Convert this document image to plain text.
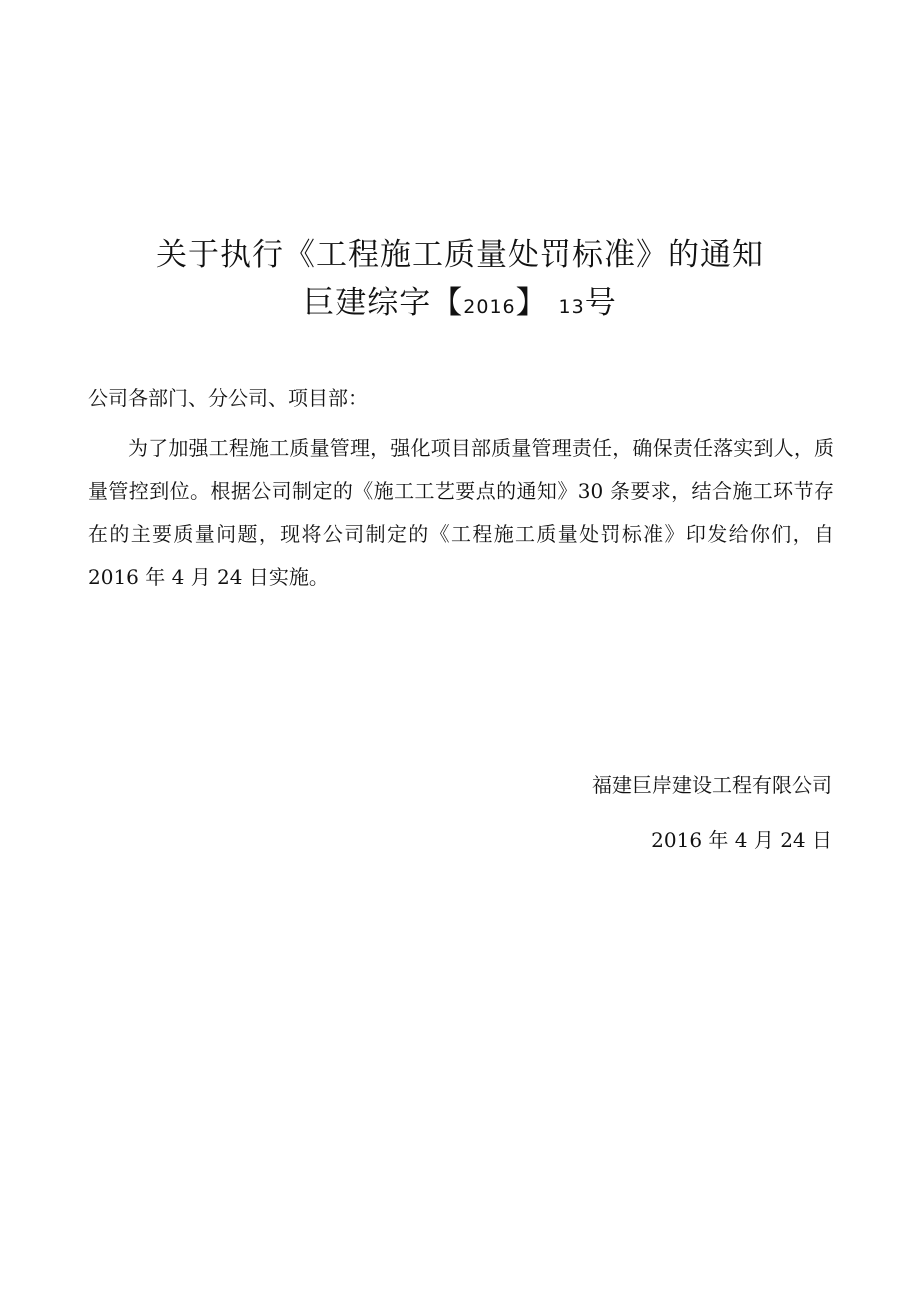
关于执行《工程施工质量处罚标准》的通知
巨建综字【2016】 13号
公司各部门、分公司、项目部：
为了加强工程施工质量管理，强化项目部质量管理责任，确保责任落实到人，质量管控到位。根据公司制定的《施工工艺要点的通知》30 条要求，结合施工环节存在的主要质量问题，现将公司制定的《工程施工质量处罚标准》印发给你们，自 2016 年 4 月 24 日实施。
福建巨岸建设工程有限公司
2016 年 4 月 24 日
